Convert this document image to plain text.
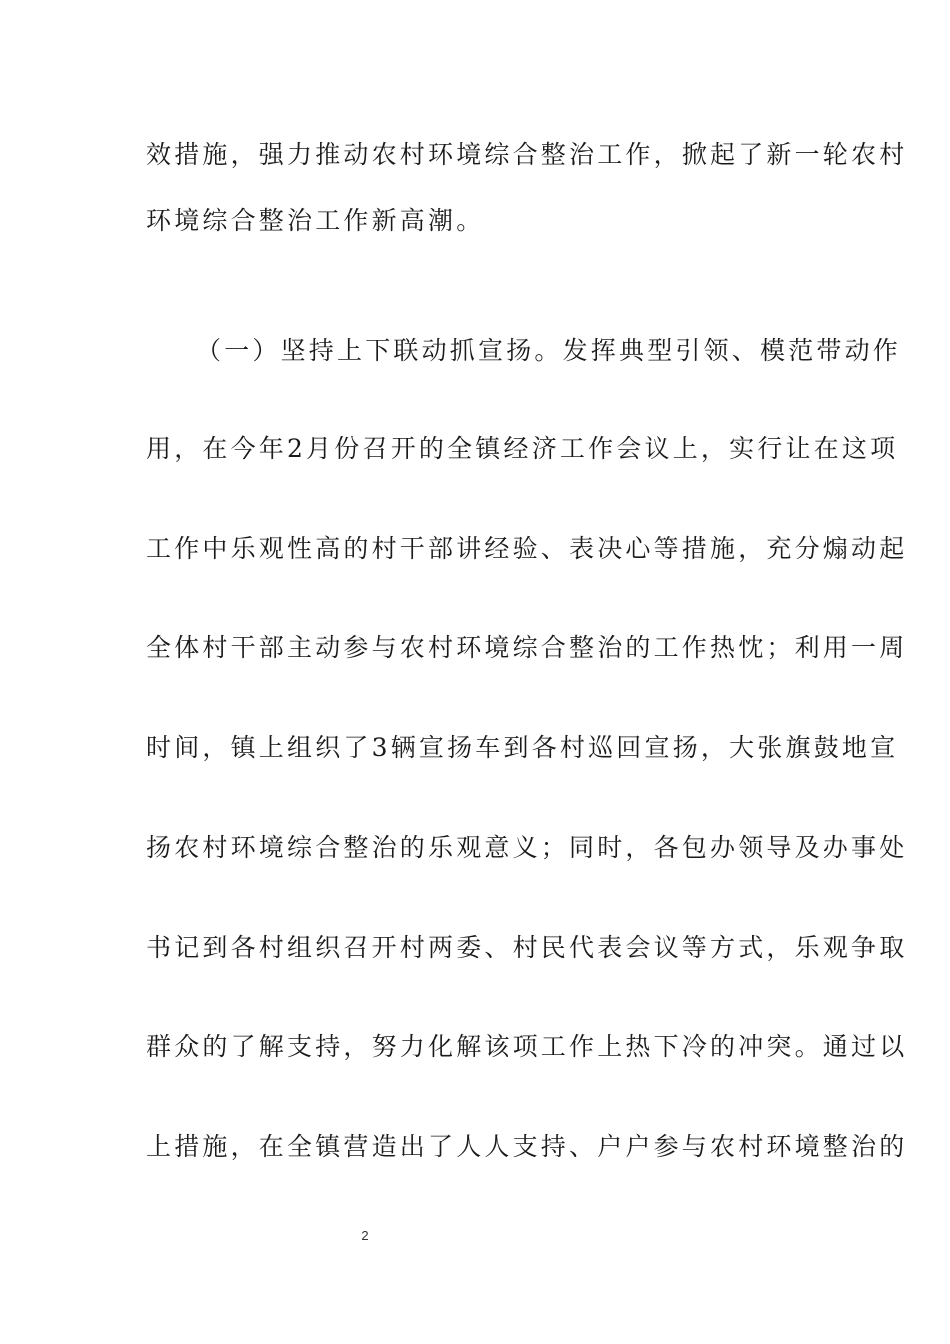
效措施，强力推动农村环境综合整治工作，掀起了新一轮农村
环境综合整治工作新高潮。
（一）坚持上下联动抓宣扬。发挥典型引领、模范带动作
用，在今年2月份召开的全镇经济工作会议上，实行让在这项
工作中乐观性高的村干部讲经验、表决心等措施，充分煽动起
全体村干部主动参与农村环境综合整治的工作热忱；利用一周
时间，镇上组织了3辆宣扬车到各村巡回宣扬，大张旗鼓地宣
扬农村环境综合整治的乐观意义；同时，各包办领导及办事处
书记到各村组织召开村两委、村民代表会议等方式，乐观争取
群众的了解支持，努力化解该项工作上热下冷的冲突。通过以
上措施，在全镇营造出了人人支持、户户参与农村环境整治的
2
